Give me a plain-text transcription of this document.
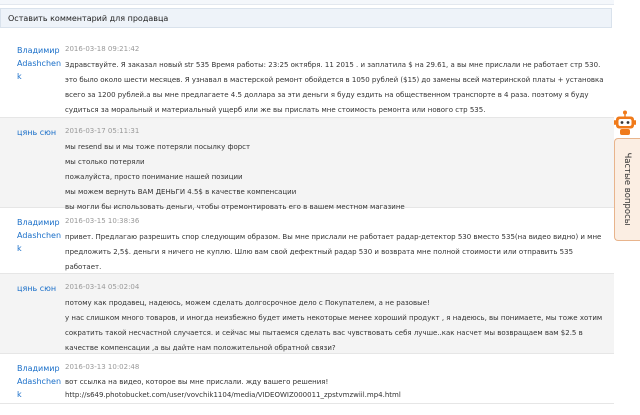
Оставить комментарий для продавца
Владимир Adashchenk
2016-03-18 09:21:42
Здравствуйте. Я заказал новый str 535 Время работы: 23:25 октября. 11 2015 . и заплатила $ на 29.61, а вы мне прислали не работает стр 530.
это было около шести месяцев. Я узнавал в мастерской ремонт обойдется в 1050 рублей ($15) до замены всей материнской платы + установка
всего за 1200 рублей.а вы мне предлагаете 4.5 доллара за эти деньги я буду ездить на общественном транспорте в 4 раза. поэтому я буду
судиться за моральный и материальный ущерб или же вы прислать мне стоимость ремонта или нового стр 535.
цянь сюн	2016-03-17 05:11:31
мы resend вы и мы тоже потеряли посылку форст
мы столько потеряли
пожалуйста, просто понимание нашей позиции
мы можем вернуть ВАМ ДЕНЬГИ 4.5$ в качестве компенсации
вы могли бы использовать деньги, чтобы отремонтировать его в вашем местном магазине
Владимир Adashchenk
2016-03-15 10:38:36
привет. Предлагаю разрешить спор следующим образом. Вы мне прислали не работает радар-детектор 530 вместо 535(на видео видно) и мне
предложить 2,5$. деньги я ничего не куплю. Шлю вам свой дефектный радар 530 и возврата мне полной стоимости или отправить 535
работает.
цянь сюн	2016-03-14 05:02:04
потому как продавец, надеюсь, можем сделать долгосрочное дело с Покупателем, а не разовые!
у нас слишком много товаров, и иногда неизбежно будет иметь некоторые менее хороший продукт , я надеюсь, вы понимаете, мы тоже хотим
сократить такой несчастной случается. и сейчас мы пытаемся сделать вас чувствовать себя лучше..как насчет мы возвращаем вам $2.5 в
качестве компенсации ,а вы дайте нам положительной обратной связи?
Владимир Adashchenk
2016-03-13 10:02:48
вот ссылка на видео, которое вы мне прислали. жду вашего решения!
http://s649.photobucket.com/user/vovchik1104/media/VIDEOWIZ000011_zpstvmzwiil.mp4.html
Частые вопросы
